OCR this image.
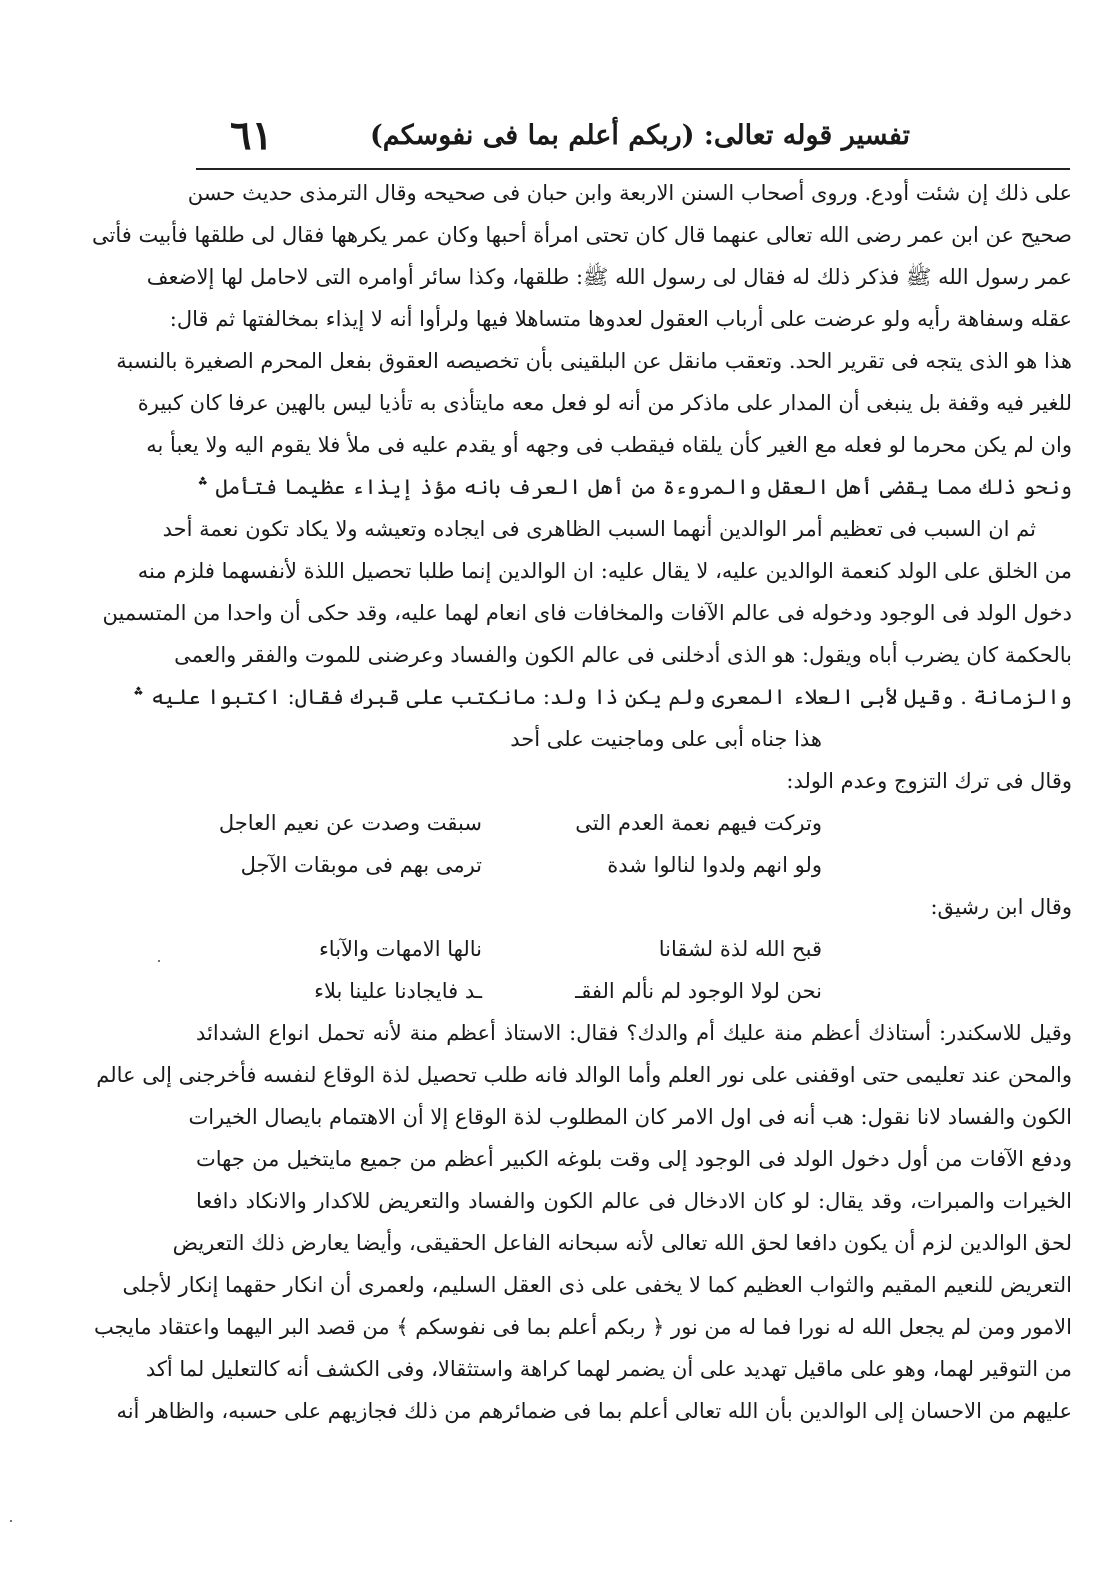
تفسير قوله تعالى: (ربكم أعلم بما فى نفوسكم)
٦١
على ذلك إن شئت أودع. وروى أصحاب السنن الاربعة وابن حبان فى صحيحه وقال الترمذى حديث حسن
صحيح عن ابن عمر رضى الله تعالى عنهما قال كان تحتى امرأة أحبها وكان عمر يكرهها فقال لى طلقها فأبيت فأتى
عمر رسول الله ﷺ فذكر ذلك له فقال لى رسول الله ﷺ: طلقها، وكذا سائر أوامره التى لاحامل لها إلاضعف
عقله وسفاهة رأيه ولو عرضت على أرباب العقول لعدوها متساهلا فيها ولرأوا أنه لا إيذاء بمخالفتها ثم قال:
هذا هو الذى يتجه فى تقرير الحد. وتعقب مانقل عن البلقينى بأن تخصيصه العقوق بفعل المحرم الصغيرة بالنسبة
للغير فيه وقفة بل ينبغى أن المدار على ماذكر من أنه لو فعل معه مايتأذى به تأذيا ليس بالهين عرفا كان كبيرة
وان لم يكن محرما لو فعله مع الغير كأن يلقاه فيقطب فى وجهه أو يقدم عليه فى ملأ فلا يقوم اليه ولا يعبأ به
ونحو ذلك مما يقضى أهل العقل والمروءة من أهل العرف بانه مؤذ إيذاء عظيما فتأمل ؞
ثم ان السبب فى تعظيم أمر الوالدين أنهما السبب الظاهرى فى ايجاده وتعيشه ولا يكاد تكون نعمة أحد
من الخلق على الولد كنعمة الوالدين عليه، لا يقال عليه: ان الوالدين إنما طلبا تحصيل اللذة لأنفسهما فلزم منه
دخول الولد فى الوجود ودخوله فى عالم الآفات والمخافات فاى انعام لهما عليه، وقد حكى أن واحدا من المتسمين
بالحكمة كان يضرب أباه ويقول: هو الذى أدخلنى فى عالم الكون والفساد وعرضنى للموت والفقر والعمى
والزمانة . وقيل لأبى العلاء المعرى ولم يكن ذا ولد: مانكتب على قبرك فقال: اكتبوا عليه ؞
هذا جناه أبى على وماجنيت على أحد
وقال فى ترك التزوج وعدم الولد:
وتركت فيهم نعمة العدم التى
سبقت وصدت عن نعيم العاجل
ولو انهم ولدوا لنالوا شدة
ترمى بهم فى موبقات الآجل
وقال ابن رشيق:
قبح الله لذة لشقانا
نالها الامهات والآباء
نحن لولا الوجود لم نألم الفقـ
ـد فايجادنا علينا بلاء
وقيل للاسكندر: أستاذك أعظم منة عليك أم والدك؟ فقال: الاستاذ أعظم منة لأنه تحمل انواع الشدائد
والمحن عند تعليمى حتى اوقفنى على نور العلم وأما الوالد فانه طلب تحصيل لذة الوقاع لنفسه فأخرجنى إلى عالم
الكون والفساد لانا نقول: هب أنه فى اول الامر كان المطلوب لذة الوقاع إلا أن الاهتمام بايصال الخيرات
ودفع الآفات من أول دخول الولد فى الوجود إلى وقت بلوغه الكبير أعظم من جميع مايتخيل من جهات
الخيرات والمبرات، وقد يقال: لو كان الادخال فى عالم الكون والفساد والتعريض للاكدار والانكاد دافعا
لحق الوالدين لزم أن يكون دافعا لحق الله تعالى لأنه سبحانه الفاعل الحقيقى، وأيضا يعارض ذلك التعريض
التعريض للنعيم المقيم والثواب العظيم كما لا يخفى على ذى العقل السليم، ولعمرى أن انكار حقهما إنكار لأجلى
الامور ومن لم يجعل الله له نورا فما له من نور ﴿ ربكم أعلم بما فى نفوسكم ﴾ من قصد البر اليهما واعتقاد مايجب
من التوقير لهما، وهو على ماقيل تهديد على أن يضمر لهما كراهة واستثقالا، وفى الكشف أنه كالتعليل لما أكد
عليهم من الاحسان إلى الوالدين بأن الله تعالى أعلم بما فى ضمائرهم من ذلك فجازيهم على حسبه، والظاهر أنه
